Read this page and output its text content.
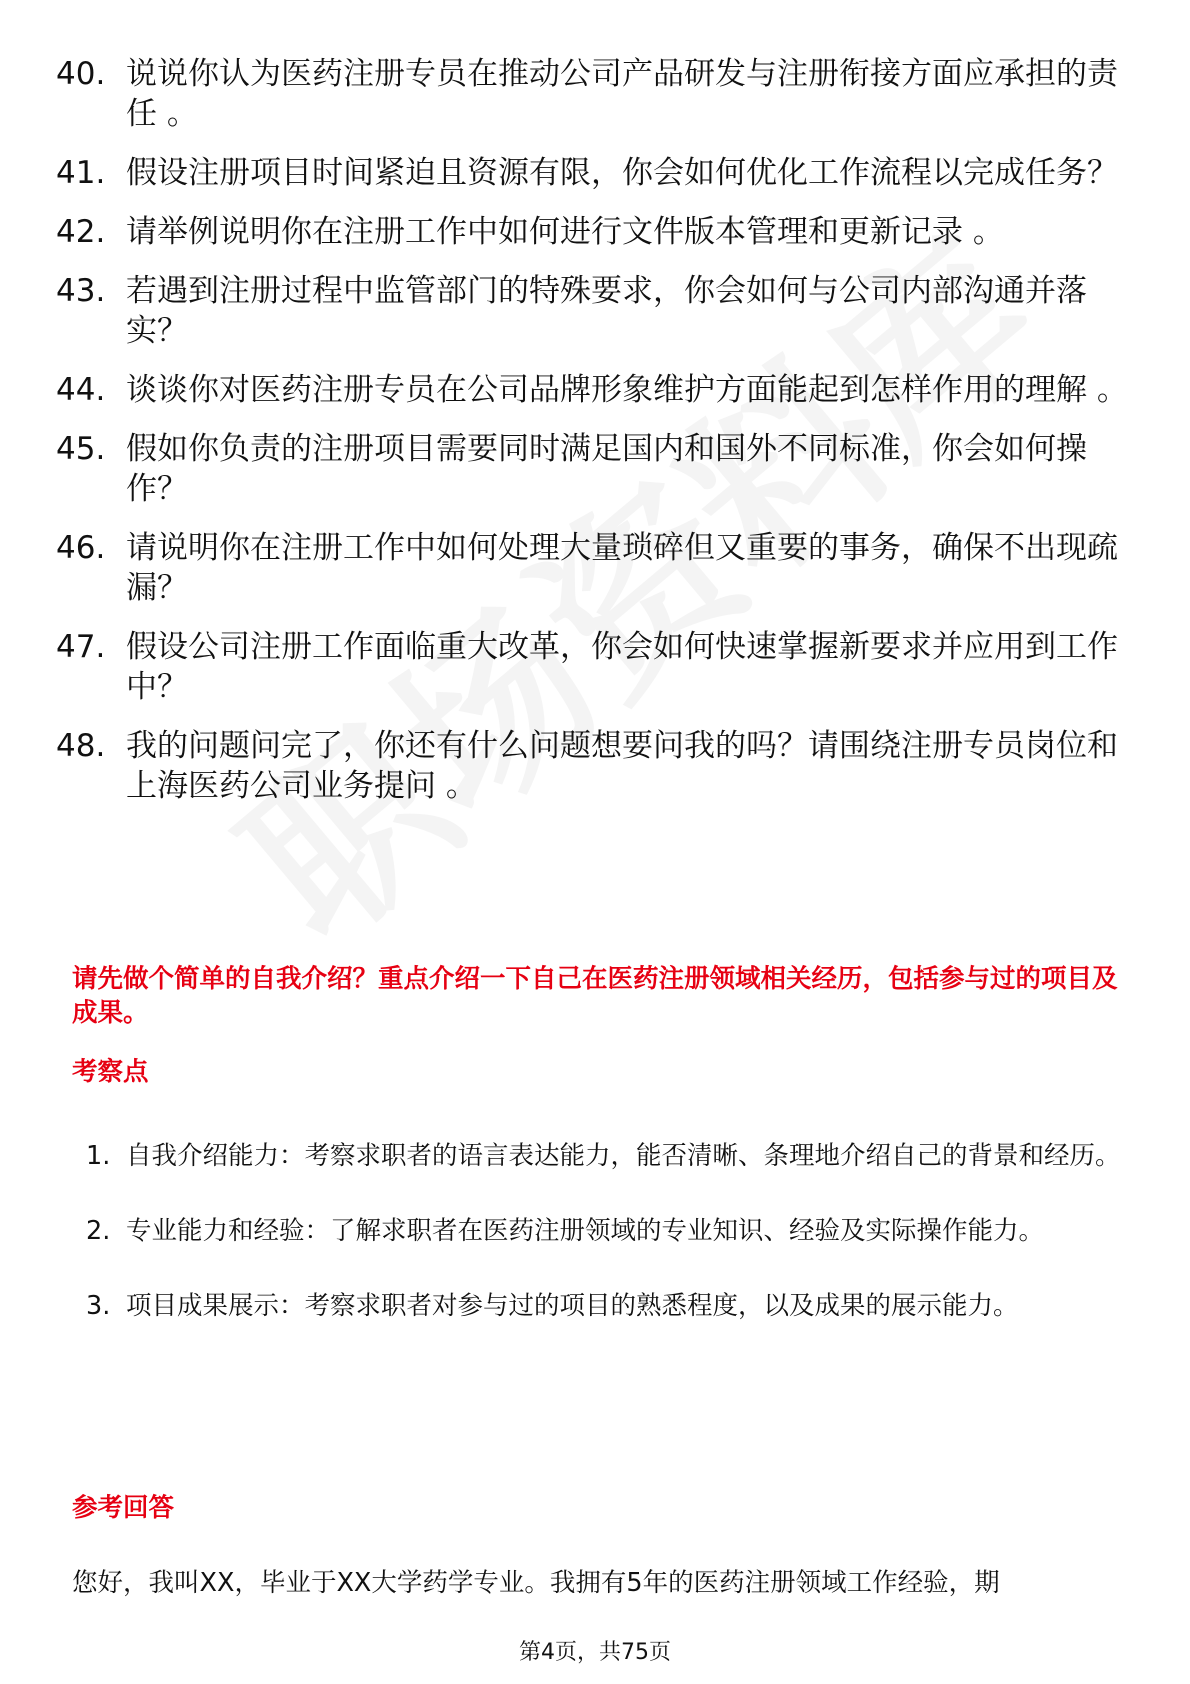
40. 说说你认为医药注册专员在推动公司产品研发与注册衔接方面应承担的责任 。
41. 假设注册项目时间紧迫且资源有限，你会如何优化工作流程以完成任务？
42. 请举例说明你在注册工作中如何进行文件版本管理和更新记录 。
43. 若遇到注册过程中监管部门的特殊要求，你会如何与公司内部沟通并落实？
44. 谈谈你对医药注册专员在公司品牌形象维护方面能起到怎样作用的理解 。
45. 假如你负责的注册项目需要同时满足国内和国外不同标准，你会如何操作？
46. 请说明你在注册工作中如何处理大量琐碎但又重要的事务，确保不出现疏漏？
47. 假设公司注册工作面临重大改革，你会如何快速掌握新要求并应用到工作中？
48. 我的问题问完了，你还有什么问题想要问我的吗？请围绕注册专员岗位和上海医药公司业务提问 。
请先做个简单的自我介绍？重点介绍一下自己在医药注册领域相关经历，包括参与过的项目及成果。
考察点
1. 自我介绍能力：考察求职者的语言表达能力，能否清晰、条理地介绍自己的背景和经历。
2. 专业能力和经验：了解求职者在医药注册领域的专业知识、经验及实际操作能力。
3. 项目成果展示：考察求职者对参与过的项目的熟悉程度，以及成果的展示能力。
参考回答
您好，我叫XX，毕业于XX大学药学专业。我拥有5年的医药注册领域工作经验，期
第4页，共75页
